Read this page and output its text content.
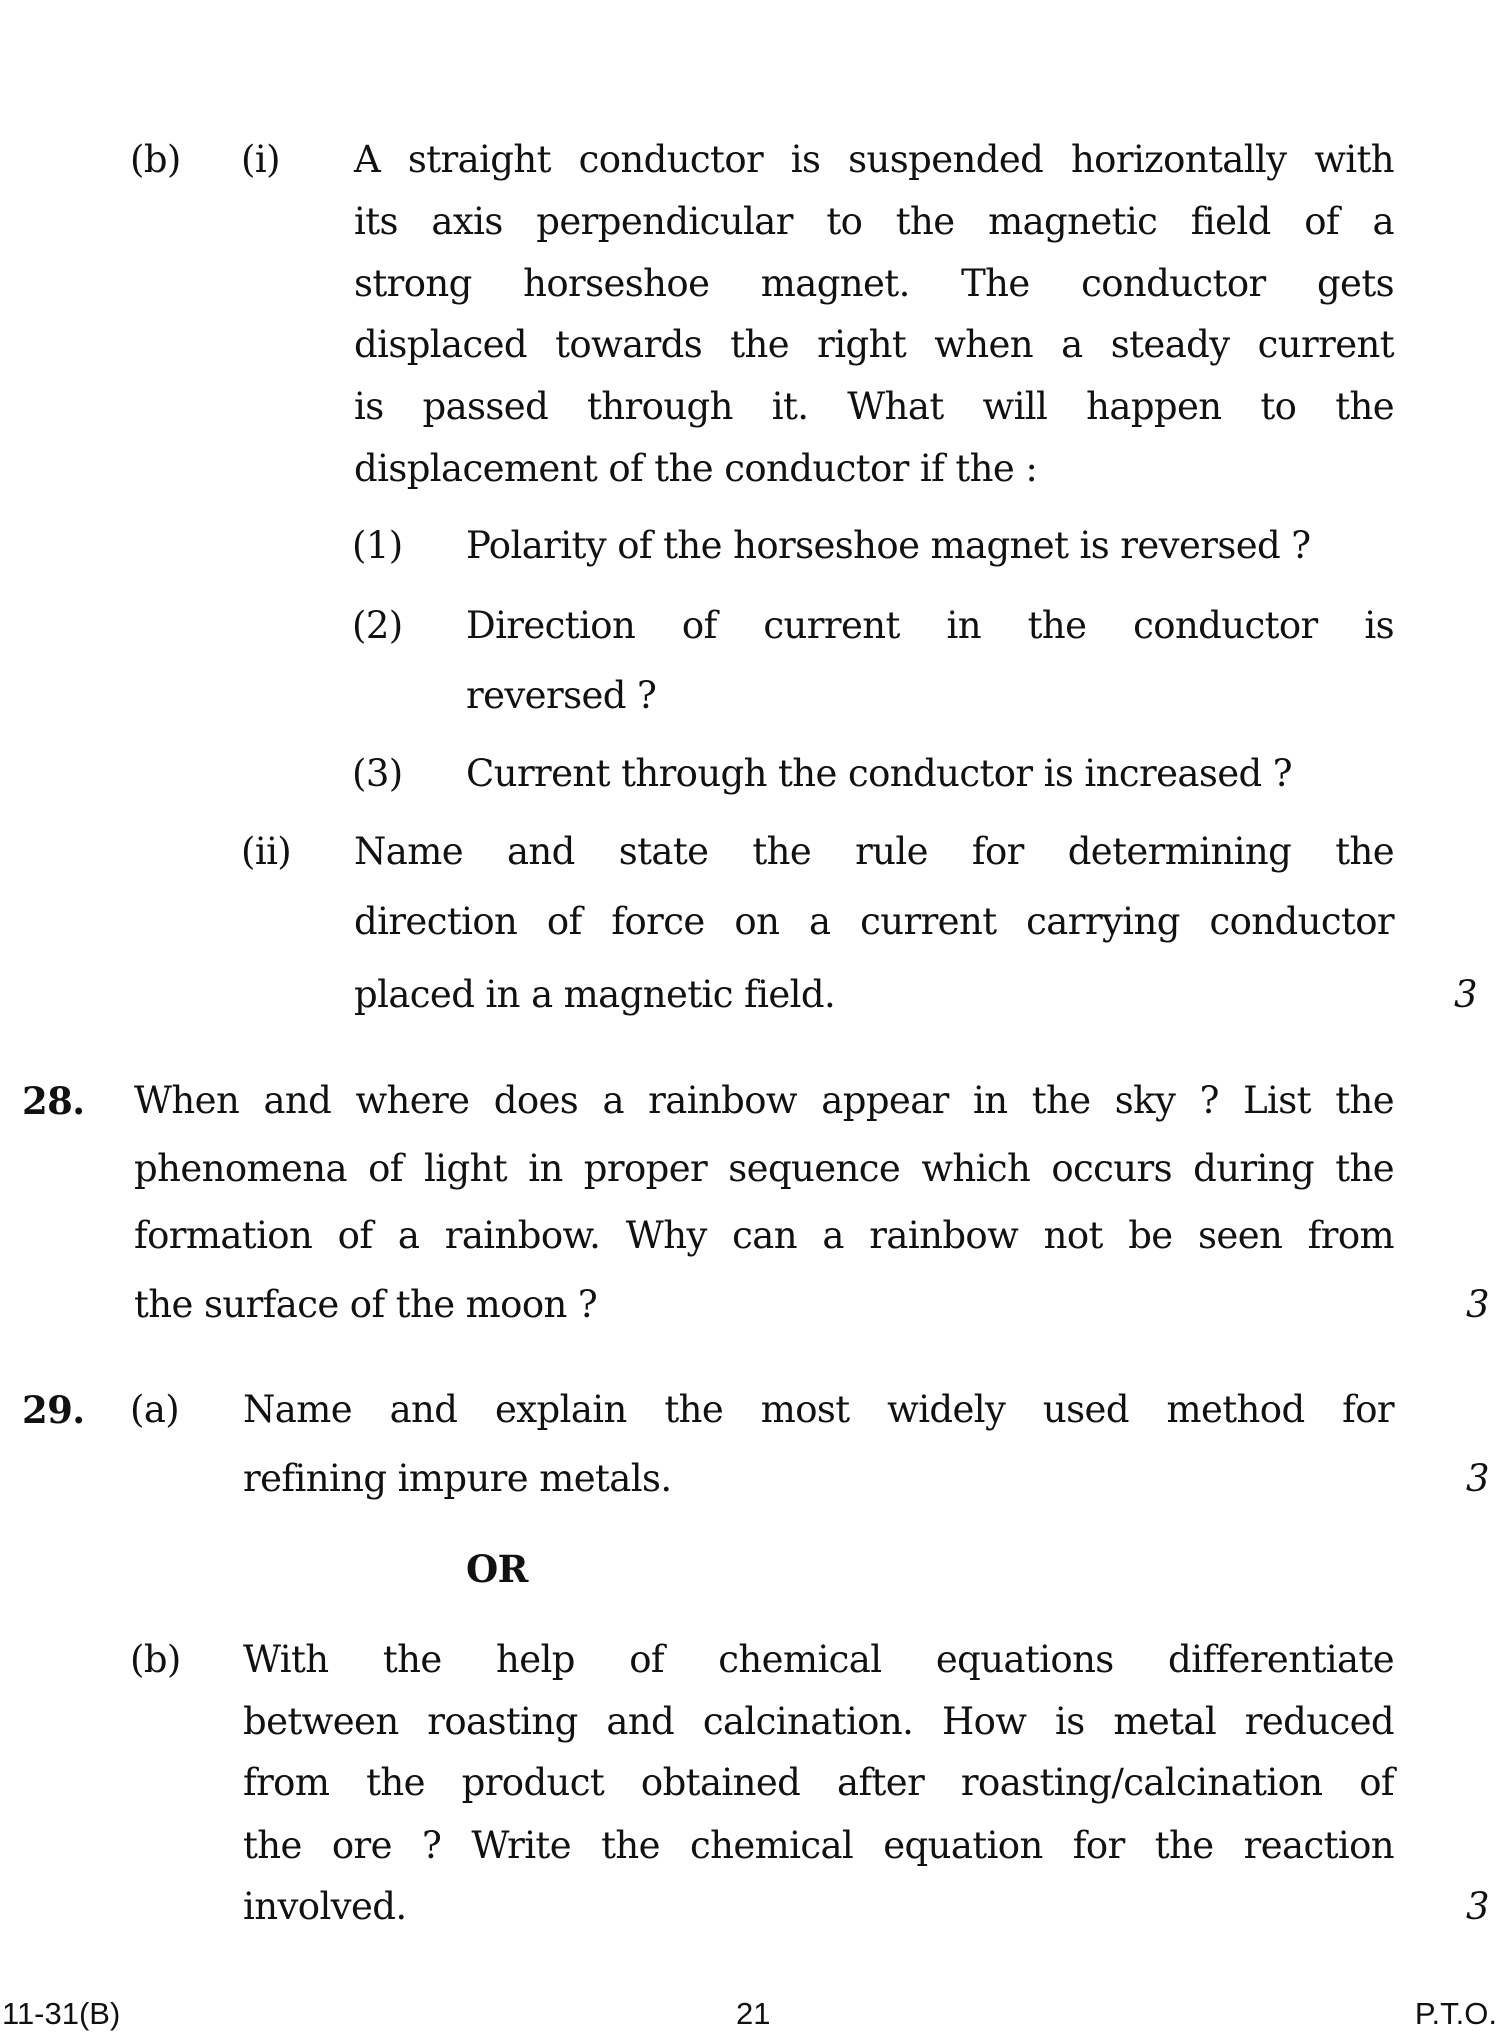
(b) (i) A straight conductor is suspended horizontally with
its axis perpendicular to the magnetic field of a
strong horseshoe magnet. The conductor gets
displaced towards the right when a steady current
is passed through it. What will happen to the
displacement of the conductor if the :
(1) Polarity of the horseshoe magnet is reversed ?
(2) Direction of current in the conductor is
reversed ?
(3) Current through the conductor is increased ?
(ii) Name and state the rule for determining the
direction of force on a current carrying conductor
placed in a magnetic field.	3
28. When and where does a rainbow appear in the sky ? List the
phenomena of light in proper sequence which occurs during the
formation of a rainbow. Why can a rainbow not be seen from
the surface of the moon ?	3
29. (a) Name and explain the most widely used method for
refining impure metals.	3
OR
(b) With the help of chemical equations differentiate
between roasting and calcination. How is metal reduced
from the product obtained after roasting/calcination of
the ore ? Write the chemical equation for the reaction
involved.	3
11-31(B)	21	P.T.O.
